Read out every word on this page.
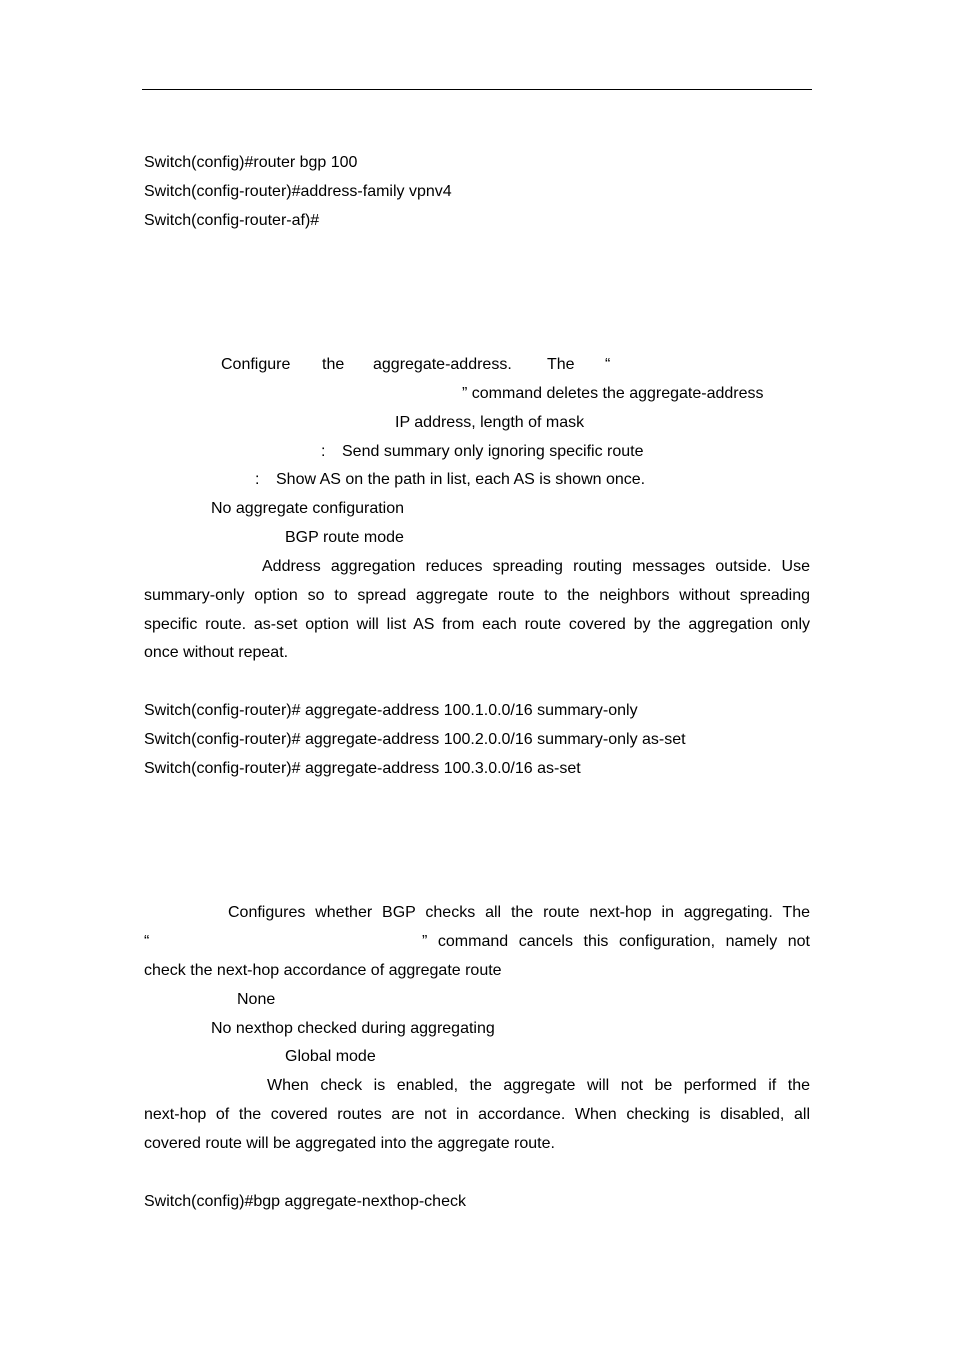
Switch(config)#router bgp 100
Switch(config-router)#address-family vpnv4
Switch(config-router-af)#
Configure the aggregate-address. The “
” command deletes the aggregate-address
IP address, length of mask
: Send summary only ignoring specific route
: Show AS on the path in list, each AS is shown once.
No aggregate configuration
BGP route mode
Address aggregation reduces spreading routing messages outside. Use
summary-only option so to spread aggregate route to the neighbors without spreading
specific route. as-set option will list AS from each route covered by the aggregation only
once without repeat.
Switch(config-router)# aggregate-address 100.1.0.0/16 summary-only
Switch(config-router)# aggregate-address 100.2.0.0/16 summary-only as-set
Switch(config-router)# aggregate-address 100.3.0.0/16 as-set
Configures whether BGP checks all the route next-hop in aggregating. The
“	” command cancels this configuration, namely not
check the next-hop accordance of aggregate route
None
No nexthop checked during aggregating
Global mode
When check is enabled, the aggregate will not be performed if the
next-hop of the covered routes are not in accordance. When checking is disabled, all
covered route will be aggregated into the aggregate route.
Switch(config)#bgp aggregate-nexthop-check
